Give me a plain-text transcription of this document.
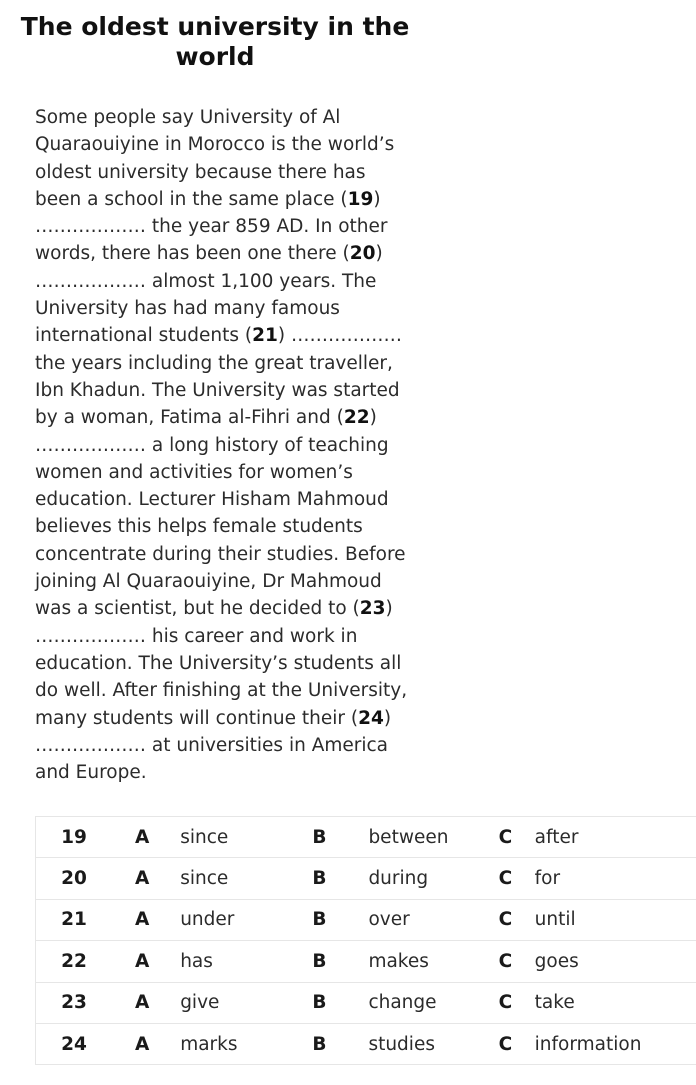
The oldest university in the world

Some people say University of Al Quaraouiyine in Morocco is the world’s oldest university because there has been a school in the same place (19) ……………… the year 859 AD. In other words, there has been one there (20) ……………… almost 1,100 years. The University has had many famous international students (21) ……………… the years including the great traveller, Ibn Khadun. The University was started by a woman, Fatima al-Fihri and (22) ……………… a long history of teaching women and activities for women’s education. Lecturer Hisham Mahmoud believes this helps female students concentrate during their studies. Before joining Al Quaraouiyine, Dr Mahmoud was a scientist, but he decided to (23) ……………… his career and work in education. The University’s students all do well. After finishing at the University, many students will continue their (24) ……………… at universities in America and Europe.

19	A	since	B	between	C	after
20	A	since	B	during	C	for
21	A	under	B	over	C	until
22	A	has	B	makes	C	goes
23	A	give	B	change	C	take
24	A	marks	B	studies	C	information
